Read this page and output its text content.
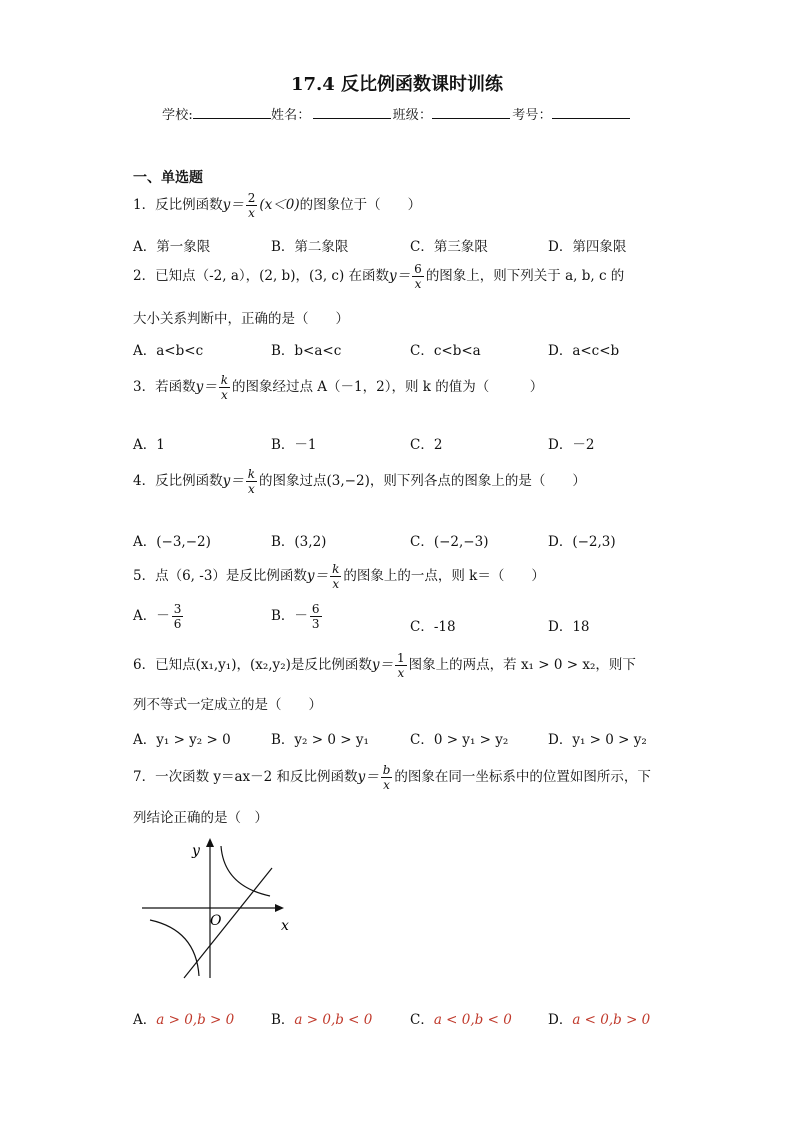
17.4 反比例函数课时训练
学校:	姓名：	班级：	考号：
一、单选题
1．反比例函数$y= \frac{2}{x} (x<0)$的图象位于（　　）
A．第一象限	B．第二象限	C．第三象限	D．第四象限
2．已知点（-2, a），(2, b)，(3, c) 在函数$y= \frac{6}{x}$ 的图象上，则下列关于 a, b, c 的
大小关系判断中，正确的是（　　）
A．a<b<c	B．b<a<c	C．c<b<a	D．a<c<b
3．若函数$y= \frac{k}{x}$ 的图象经过点 A（－1，2），则 k 的值为（　　　）
A．1	B．－1	C．2	D．－2
4．反比例函数$y= \frac{k}{x}$ 的图象过点(3,−2)，则下列各点的图象上的是（　　）
A．(−3,−2)	B．(3,2)	C．(−2,−3)	D．(−2,3)
5．点（6, -3）是反比例函数$y= \frac{k}{x}$ 的图象上的一点，则 k＝（　　）
A．－ $\frac{3}{6}$	B．－ $\frac{6}{3}$	C．-18	D．18
6．已知点(x₁,y₁)，(x₂,y₂)是反比例函数$y= \frac{1}{x}$ 图象上的两点，若 x₁ > 0 > x₂，则下
列不等式一定成立的是（　　）
A．y₁ > y₂ > 0	B．y₂ > 0 > y₁	C．0 > y₁ > y₂	D．y₁ > 0 > y₂
7．一次函数 y＝ax－2 和反比例函数$y= \frac{b}{x}$ 的图象在同一坐标系中的位置如图所示，下
列结论正确的是（　）
y
x
O
A．a > 0,b > 0	B．a > 0,b < 0	C．a < 0,b < 0	D．a < 0,b > 0
